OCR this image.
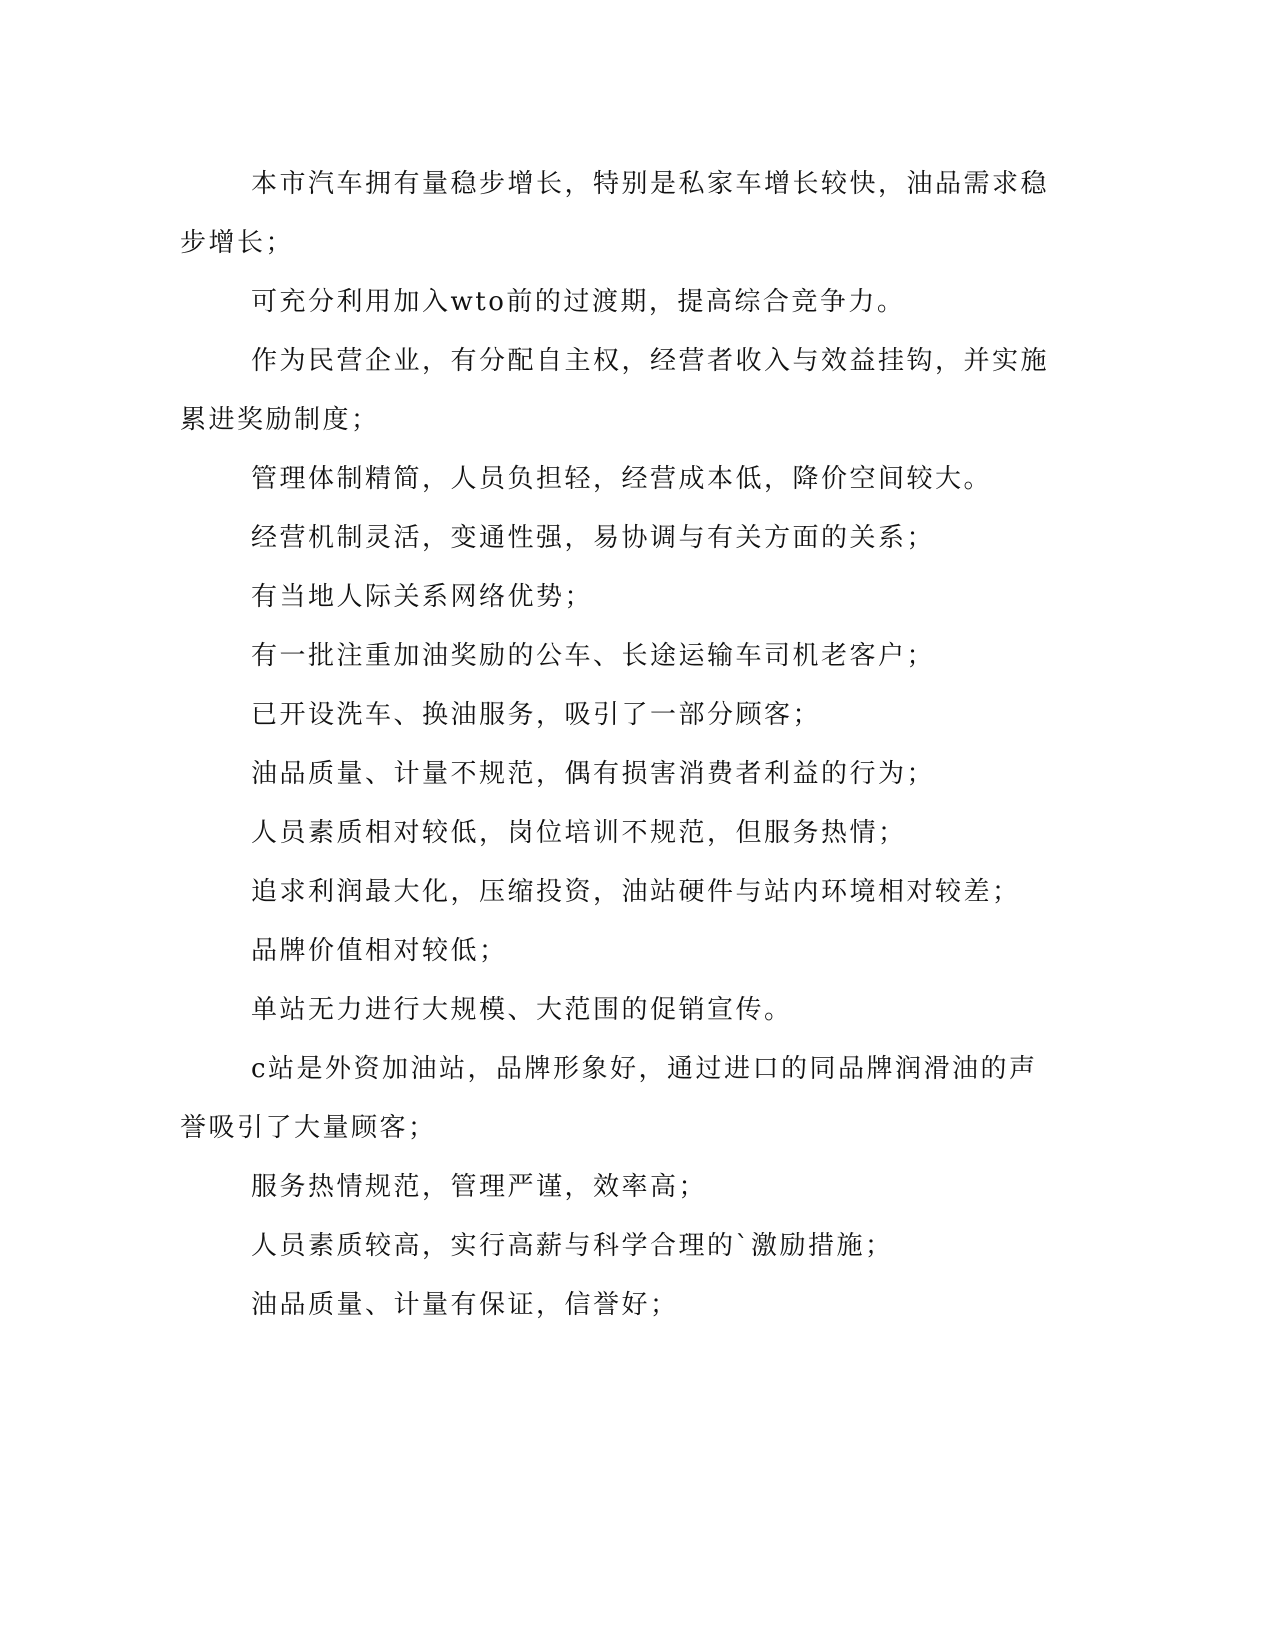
本市汽车拥有量稳步增长，特别是私家车增长较快，油品需求稳步增长；

可充分利用加入wto前的过渡期，提高综合竞争力。

作为民营企业，有分配自主权，经营者收入与效益挂钩，并实施累进奖励制度；

管理体制精简，人员负担轻，经营成本低，降价空间较大。

经营机制灵活，变通性强，易协调与有关方面的关系；

有当地人际关系网络优势；

有一批注重加油奖励的公车、长途运输车司机老客户；

已开设洗车、换油服务，吸引了一部分顾客；

油品质量、计量不规范，偶有损害消费者利益的行为；

人员素质相对较低，岗位培训不规范，但服务热情；

追求利润最大化，压缩投资，油站硬件与站内环境相对较差；

品牌价值相对较低；

单站无力进行大规模、大范围的促销宣传。

c站是外资加油站，品牌形象好，通过进口的同品牌润滑油的声誉吸引了大量顾客；

服务热情规范，管理严谨，效率高；

人员素质较高，实行高薪与科学合理的`激励措施；

油品质量、计量有保证，信誉好；
